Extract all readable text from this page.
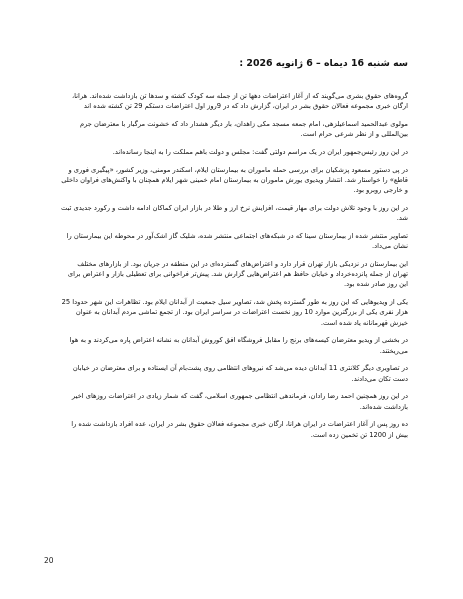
سه شنبه 16 دیماه – 6 ژانویه 2026 :

گروه‌های حقوق بشری می‌گویند که از آغاز اعتراضات دهها تن از جمله سه کودک کشته و سدها تن بازداشت شده‌اند. هرانا، ارگان خبری مجموعه فعالان حقوق بشر در ایران، گزارش داد که در 9روز اول اعتراضات دستکم 29 تن کشته شده اند

مولوی عبدالحمید اسماعیلزهی، امام جمعه مسجد مکی زاهدان، بار دیگر هشدار داد که خشونت مرگبار با معترضان جرم بین‌المللی و از نظر شرعی حرام است.

در این روز رئیس‌جمهور ایران در یک مراسم دولتی گفت: مجلس و دولت باهم مملکت را به اینجا رسانده‌اند.

در پی دستور مسعود پزشکیان برای بررسی حمله ماموران به بیمارستان ایلام، اسکندر مومنی، وزیر کشور، «پیگیری فوری و قاطع» را خواستار شد. انتشار ویدیوی یورش ماموران به بیمارستان امام خمینی شهر ایلام همچنان با واکنش‌های فراوان داخلی و خارجی روبرو بود.

در این روز با وجود تلاش دولت برای مهار قیمت، افزایش نرخ ارز و طلا در بازار ایران کماکان ادامه داشت و رکورد جدیدی ثبت شد.

تصاویر منتشر شده از بیمارستان سینا که در شبکه‌های اجتماعی منتشر شده، شلیک گاز اشک‌آور در محوطه این بیمارستان را نشان می‌داد.

این بیمارستان در نزدیکی بازار تهران قرار دارد و اعتراض‌های گسترده‌ای در این منطقه در جریان بود. از بازارهای مختلف تهران از جمله پانزده‌خرداد و خیابان حافظ هم اعتراض‌هایی گزارش شد. پیش‌تر فراخوانی برای تعطیلی بازار و اعتراض برای این روز صادر شده بود.

یکی از ویدیوهایی که این روز به طور گسترده پخش شد، تصاویر سیل جمعیت از آبدانان ایلام بود. تظاهرات این شهر حدودا 25 هزار نفری یکی از بزرگترین موارد 10 روز نخست اعتراضات در سراسر ایران بود. از تجمع تماشی مردم آبدانان به عنوان خیزش قهرمانانه یاد شده است.

در بخشی از ویدیو معترضان کیسه‌های برنج را مقابل فروشگاه افق کوروش آبدانان به نشانه اعتراض پاره می‌کردند و به هوا می‌ریختند.

در تصاویری دیگر کلانتری 11 آبدانان دیده می‌شد که نیروهای انتظامی روی پشت‌بام آن ایستاده و برای معترضان در خیابان دست تکان می‌دادند.

در این روز همچنین احمد رضا رادان، فرماندهی انتظامی جمهوری اسلامی، گفت که شمار زیادی در اعتراضات روزهای اخیر بازداشت شده‌اند.

ده روز پس از آغاز اعتراضات در ایران هرانا، ارگان خبری مجموعه فعالان حقوق بشر در ایران، عده افراد بازداشت شده را بیش از 1200 تن تخمین زده است.

20
